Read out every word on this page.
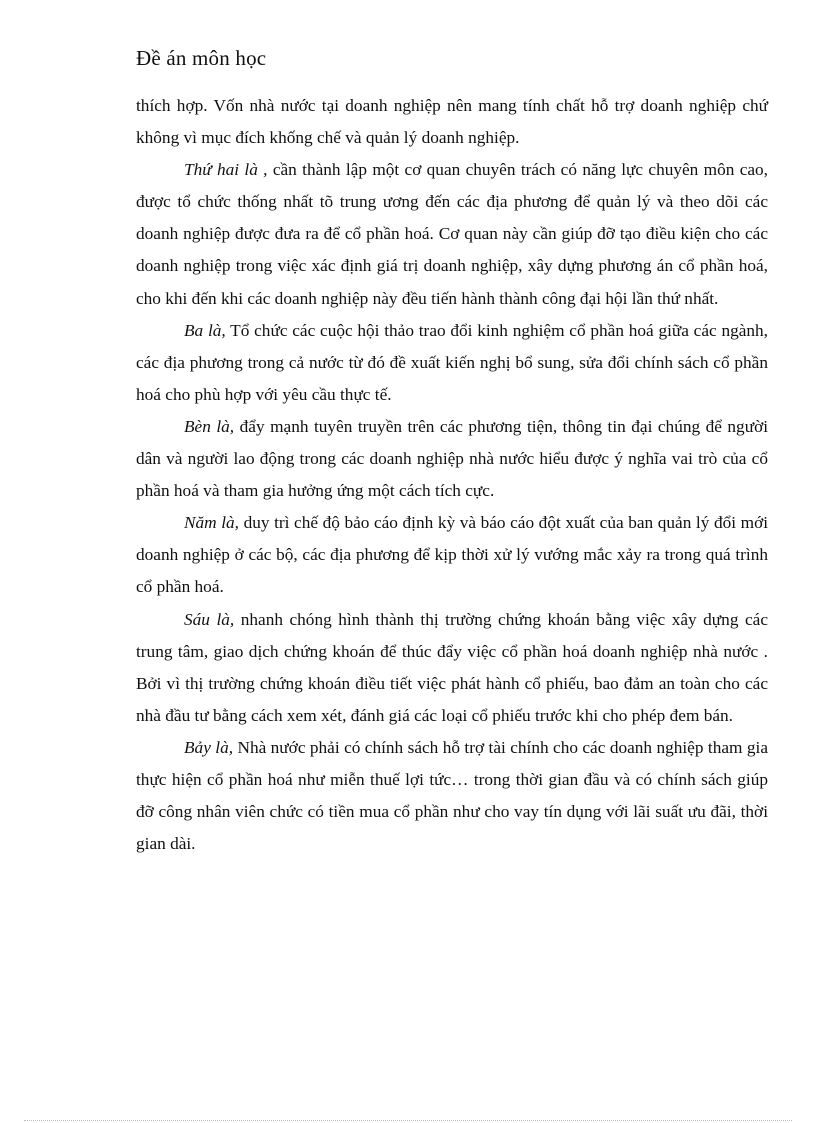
Đề án môn học

thích hợp. Vốn nhà nước tại doanh nghiệp nên mang tính chất hỗ trợ doanh nghiệp chứ không vì mục đích khống chế và quản lý doanh nghiệp.

Thứ hai là , cần thành lập một cơ quan chuyên trách có năng lực chuyên môn cao, được tổ chức thống nhất tõ trung ương đến các địa phương để quản lý và theo dõi các doanh nghiệp được đưa ra để cổ phần hoá. Cơ quan này cần giúp đỡ tạo điều kiện cho các doanh nghiệp trong việc xác định giá trị doanh nghiệp, xây dựng phương án cổ phần hoá, cho khi đến khi các doanh nghiệp này đều tiến hành thành công đại hội lần thứ nhất.

Ba là, Tổ chức các cuộc hội thảo trao đổi kinh nghiệm cổ phần hoá giữa các ngành, các địa phương trong cả nước từ đó đề xuất kiến nghị bổ sung, sửa đổi chính sách cổ phần hoá cho phù hợp với yêu cầu thực tế.

Bèn là, đẩy mạnh tuyên truyền trên các phương tiện, thông tin đại chúng để người dân và người lao động trong các doanh nghiệp nhà nước hiểu được ý nghĩa vai trò của cổ phần hoá và tham gia hưởng ứng một cách tích cực.

Năm là, duy trì chế độ bảo cáo định kỳ và báo cáo đột xuất của ban quản lý đổi mới doanh nghiệp ở các bộ, các địa phương để kịp thời xử lý vướng mắc xảy ra trong quá trình cổ phần hoá.

Sáu là, nhanh chóng hình thành thị trường chứng khoán bằng việc xây dựng các trung tâm, giao dịch chứng khoán để thúc đẩy việc cổ phần hoá doanh nghiệp nhà nước . Bởi vì thị trường chứng khoán điều tiết việc phát hành cổ phiếu, bao đảm an toàn cho các nhà đầu tư bằng cách xem xét, đánh giá các loại cổ phiếu trước khi cho phép đem bán.

Bảy là, Nhà nước phải có chính sách hỗ trợ tài chính cho các doanh nghiệp tham gia thực hiện cổ phần hoá như miễn thuế lợi tức… trong thời gian đầu và có chính sách giúp đỡ công nhân viên chức có tiền mua cổ phần như cho vay tín dụng với lãi suất ưu đãi, thời gian dài.
